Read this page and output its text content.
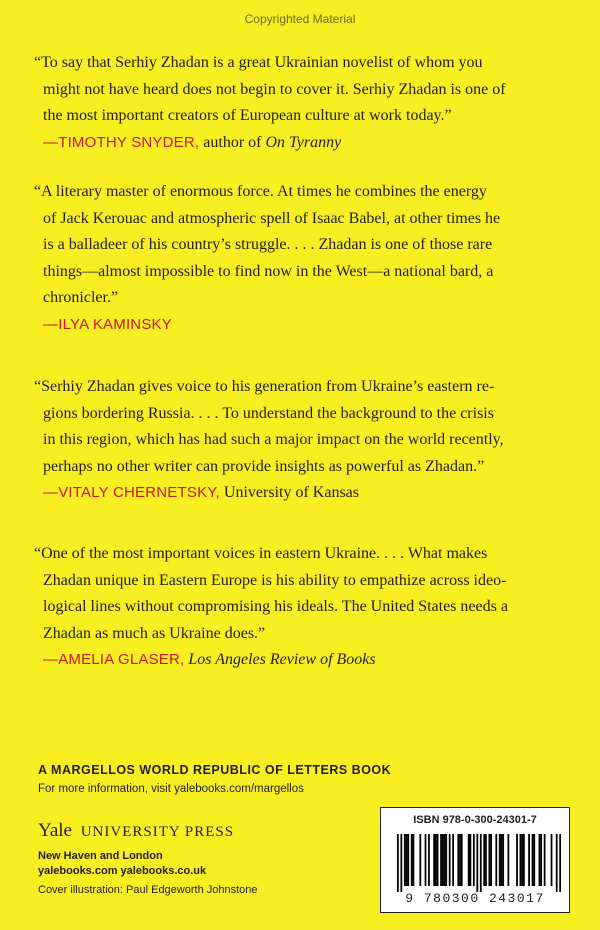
Copyrighted Material
“To say that Serhiy Zhadan is a great Ukrainian novelist of whom you
might not have heard does not begin to cover it. Serhiy Zhadan is one of
the most important creators of European culture at work today.”
—TIMOTHY SNYDER, author of On Tyranny
“A literary master of enormous force. At times he combines the energy
of Jack Kerouac and atmospheric spell of Isaac Babel, at other times he
is a balladeer of his country’s struggle. . . . Zhadan is one of those rare
things—almost impossible to find now in the West—a national bard, a
chronicler.”
—ILYA KAMINSKY
“Serhiy Zhadan gives voice to his generation from Ukraine’s eastern re-
gions bordering Russia. . . . To understand the background to the crisis
in this region, which has had such a major impact on the world recently,
perhaps no other writer can provide insights as powerful as Zhadan.”
—VITALY CHERNETSKY, University of Kansas
“One of the most important voices in eastern Ukraine. . . . What makes
Zhadan unique in Eastern Europe is his ability to empathize across ideo-
logical lines without compromising his ideals. The United States needs a
Zhadan as much as Ukraine does.”
—AMELIA GLASER, Los Angeles Review of Books
A MARGELLOS WORLD REPUBLIC OF LETTERS BOOK
For more information, visit yalebooks.com/margellos
Yale UNIVERSITY PRESS
New Haven and London
yalebooks.com yalebooks.co.uk
Cover illustration: Paul Edgeworth Johnstone
ISBN 978-0-300-24301-7
9 780300 243017
